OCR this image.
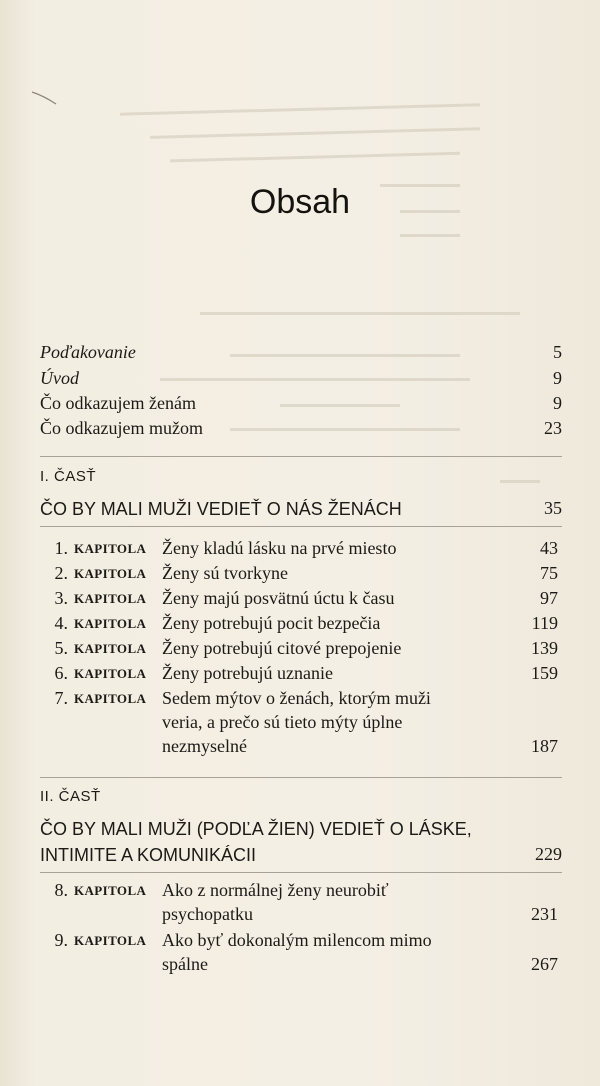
Obsah
Poďakovanie	5
Úvod	9
Čo odkazujem ženám	9
Čo odkazujem mužom	23
I. ČASŤ
ČO BY MALI MUŽI VEDIEŤ O NÁS ŽENÁCH	35
1. KAPITOLA Ženy kladú lásku na prvé miesto	43
2. KAPITOLA Ženy sú tvorkyne	75
3. KAPITOLA Ženy majú posvätnú úctu k času	97
4. KAPITOLA Ženy potrebujú pocit bezpečia	119
5. KAPITOLA Ženy potrebujú citové prepojenie	139
6. KAPITOLA Ženy potrebujú uznanie	159
7. KAPITOLA Sedem mýtov o ženách, ktorým muži
veria, a prečo sú tieto mýty úplne
nezmyselné	187
II. ČASŤ
ČO BY MALI MUŽI (PODĽA ŽIEN) VEDIEŤ O LÁSKE,
INTIMITE A KOMUNIKÁCII	229
8. KAPITOLA Ako z normálnej ženy neurobiť
psychopatku	231
9. KAPITOLA Ako byť dokonalým milencom mimo
spálne	267
